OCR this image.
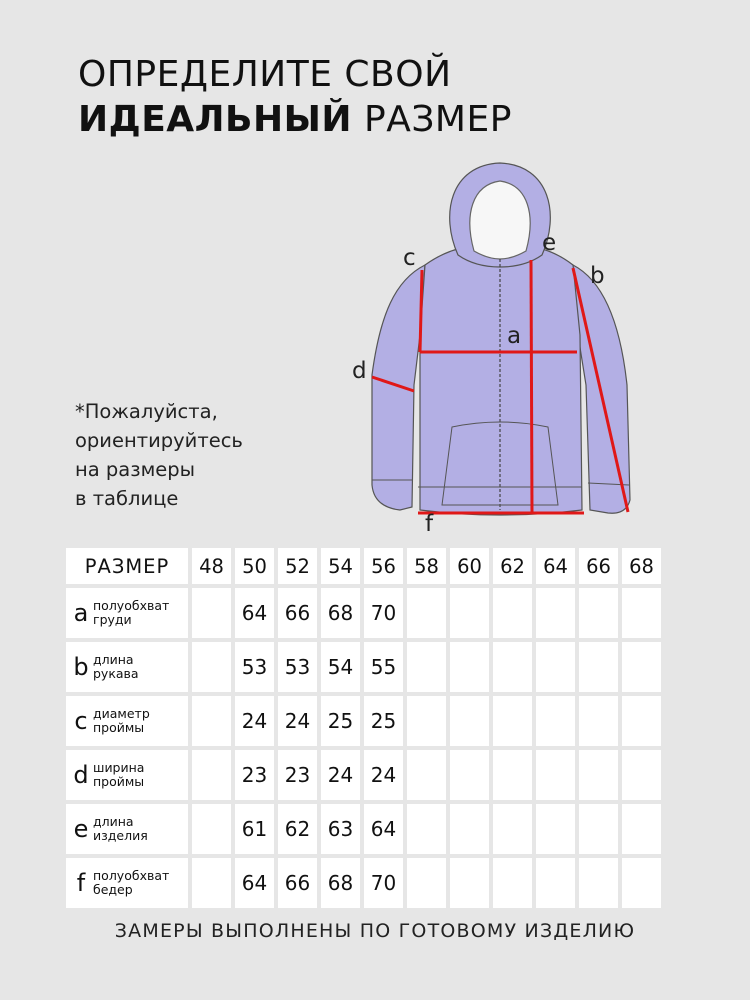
ОПРЕДЕЛИТЕ СВОЙ
ИДЕАЛЬНЫЙ РАЗМЕР
*Пожалуйста,
ориентируйтесь
на размеры
в таблице
a
b
c
d
e
f
РАЗМЕР	48	50	52	54	56	58	60	62	64	66	68

a полуобхват
груди		64	66	68	70						

b длина
рукава		53	53	54	55						

c диаметр
проймы		24	24	25	25						

d ширина
проймы		23	23	24	24						

e длина
изделия		61	62	63	64						

f полуобхват
бедер		64	66	68	70						
ЗАМЕРЫ ВЫПОЛНЕНЫ ПО ГОТОВОМУ ИЗДЕЛИЮ
